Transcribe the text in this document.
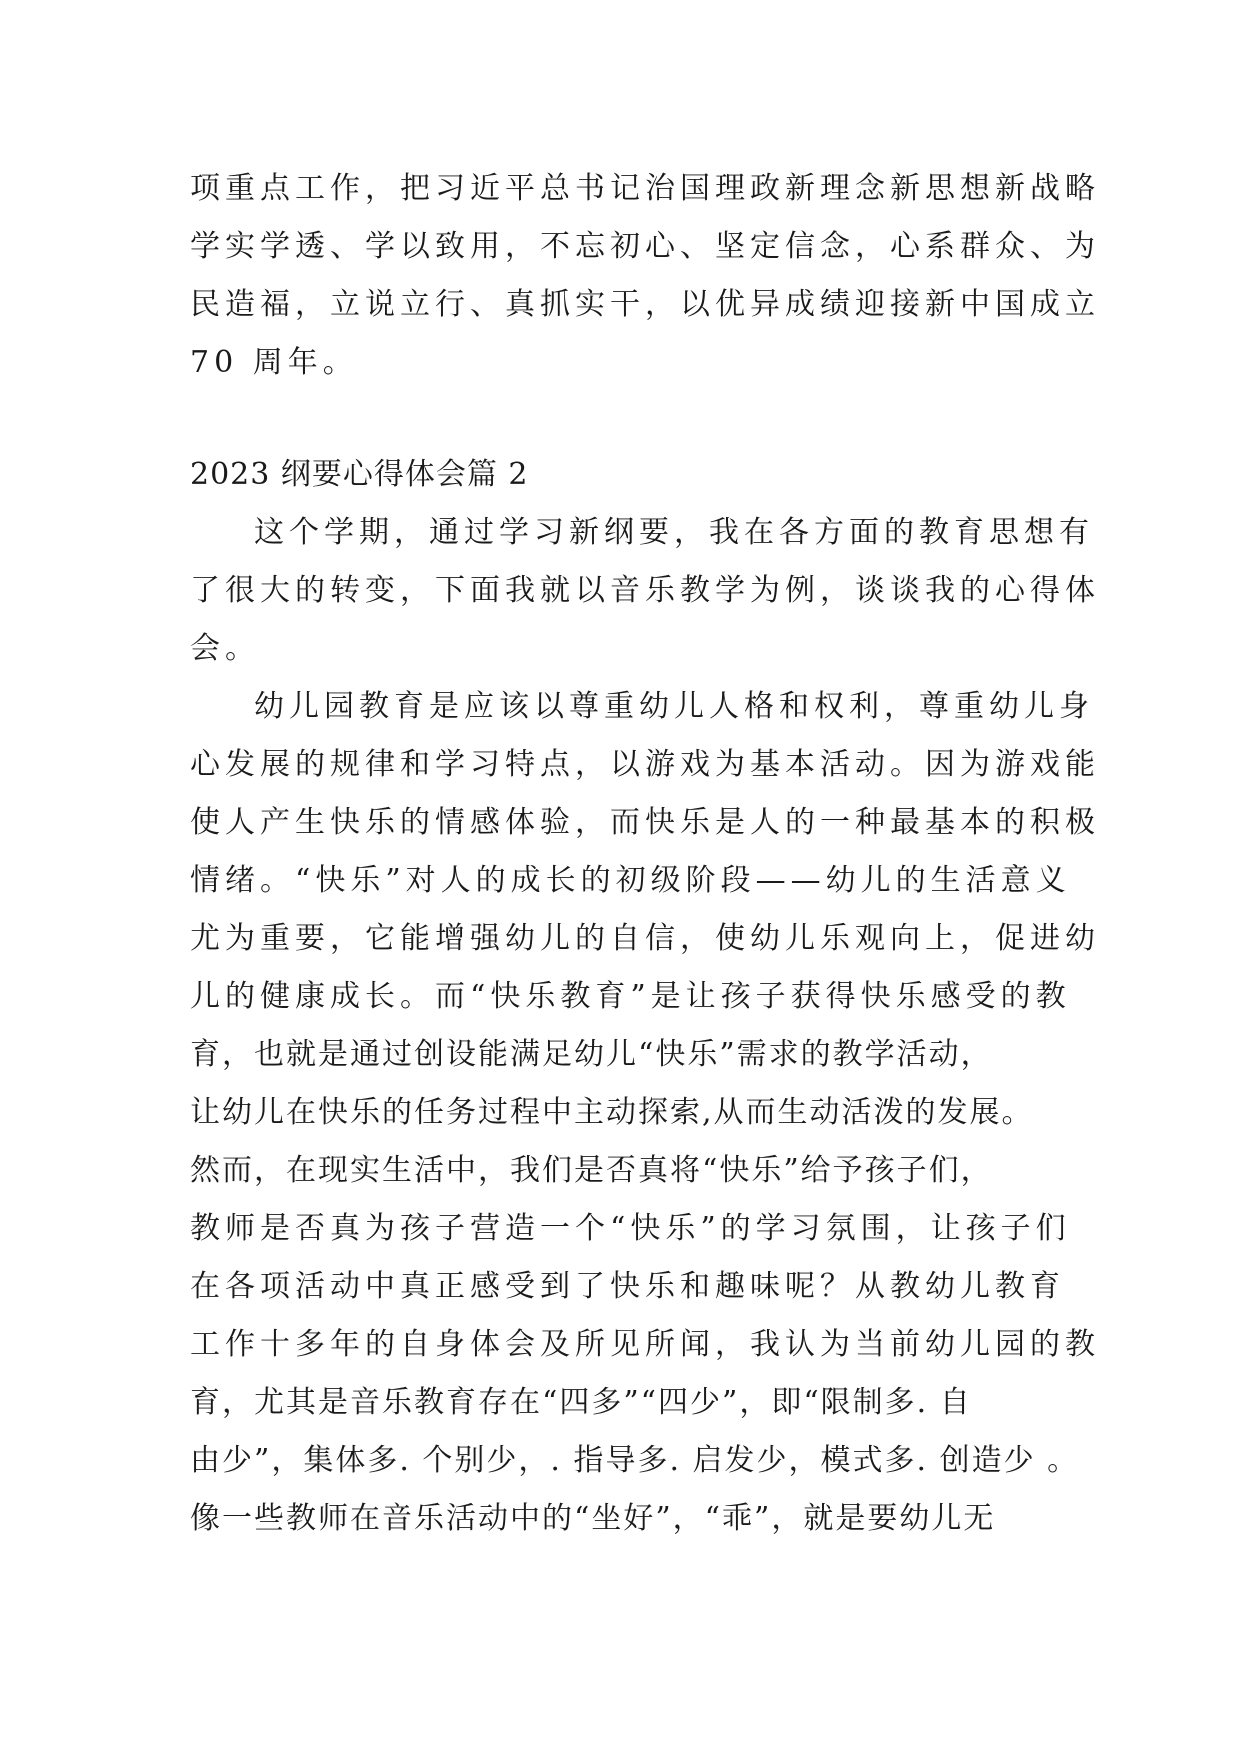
项重点工作，把习近平总书记治国理政新理念新思想新战略
学实学透、学以致用，不忘初心、坚定信念，心系群众、为
民造福，立说立行、真抓实干，以优异成绩迎接新中国成立
70 周年。
2023 纲要心得体会篇 2
这个学期，通过学习新纲要，我在各方面的教育思想有
了很大的转变，下面我就以音乐教学为例，谈谈我的心得体
会。
幼儿园教育是应该以尊重幼儿人格和权利，尊重幼儿身
心发展的规律和学习特点，以游戏为基本活动。因为游戏能
使人产生快乐的情感体验，而快乐是人的一种最基本的积极
情绪。“快乐”对人的成长的初级阶段——幼儿的生活意义
尤为重要，它能增强幼儿的自信，使幼儿乐观向上，促进幼
儿的健康成长。而“快乐教育”是让孩子获得快乐感受的教
育，也就是通过创设能满足幼儿“快乐”需求的教学活动，
让幼儿在快乐的任务过程中主动探索,从而生动活泼的发展。
然而，在现实生活中，我们是否真将“快乐”给予孩子们，
教师是否真为孩子营造一个“快乐”的学习氛围，让孩子们
在各项活动中真正感受到了快乐和趣味呢？从教幼儿教育
工作十多年的自身体会及所见所闻，我认为当前幼儿园的教
育，尤其是音乐教育存在“四多”“四少”，即“限制多. 自
由少”，集体多. 个别少，. 指导多. 启发少，模式多. 创造少 。
像一些教师在音乐活动中的“坐好”，“乖”，就是要幼儿无
